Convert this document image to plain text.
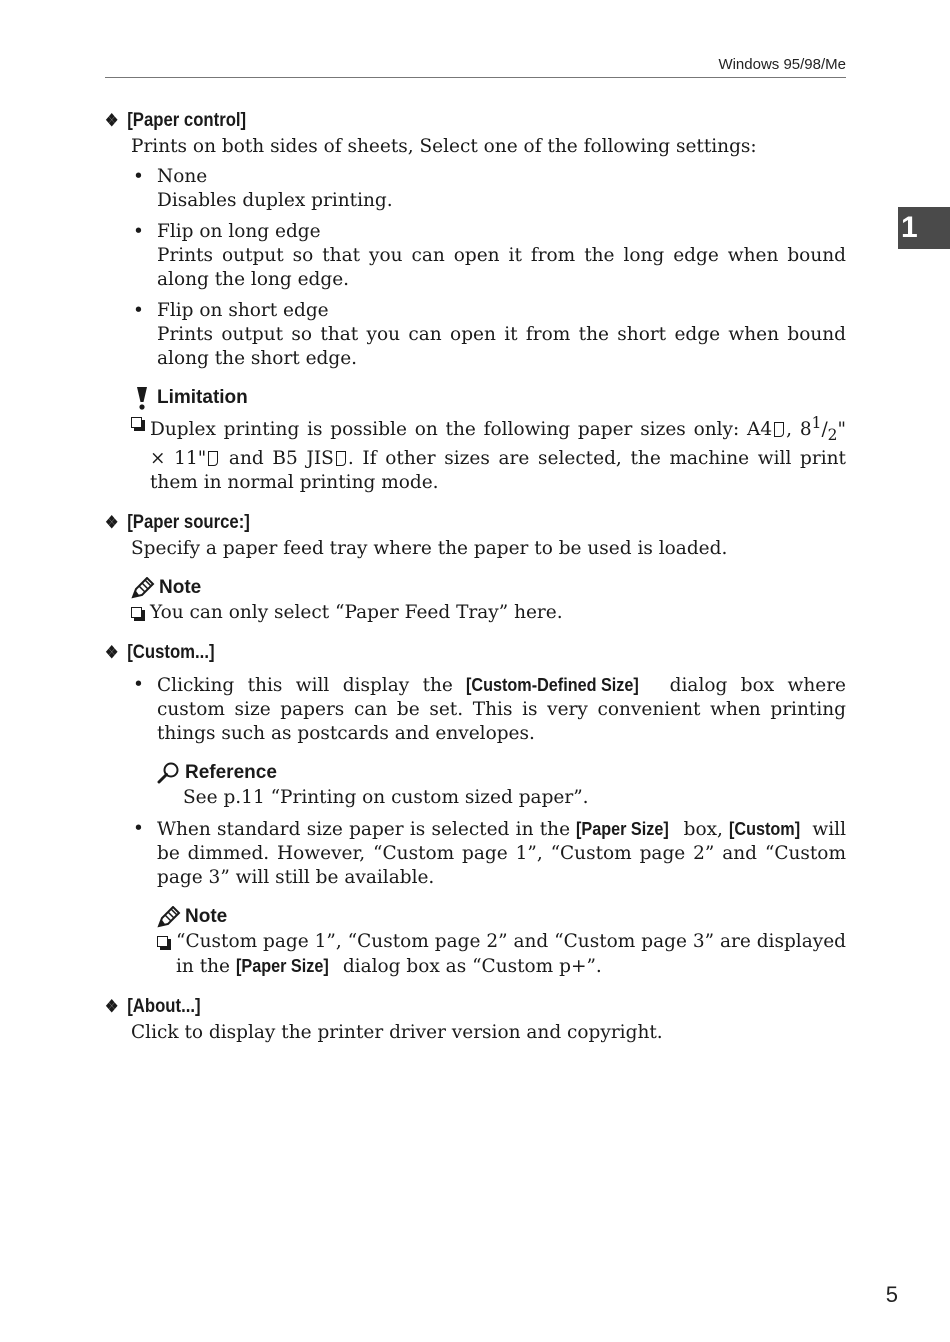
Windows 95/98/Me
1
❖ [Paper control]
Prints on both sides of sheets, Select one of the following settings:
• None
Disables duplex printing.
• Flip on long edge
Prints output so that you can open it from the long edge when bound along the long edge.
• Flip on short edge
Prints output so that you can open it from the short edge when bound along the short edge.
Limitation
Duplex printing is possible on the following paper sizes only: A4 , $8^1/_2$" × 11" and B5 JIS . If other sizes are selected, the machine will print them in normal printing mode.
❖ [Paper source:]
Specify a paper feed tray where the paper to be used is loaded.
Note
You can only select “Paper Feed Tray” here.
❖ [Custom...]
• Clicking this will display the [Custom-Defined Size] dialog box where custom size papers can be set. This is very convenient when printing things such as postcards and envelopes.
Reference
See p.11 “Printing on custom sized paper”.
• When standard size paper is selected in the [Paper Size] box, [Custom] will be dimmed. However, “Custom page 1”, “Custom page 2” and “Custom page 3” will still be available.
Note
“Custom page 1”, “Custom page 2” and “Custom page 3” are displayed in the [Paper Size] dialog box as “Custom p+”.
❖ [About...]
Click to display the printer driver version and copyright.
5
